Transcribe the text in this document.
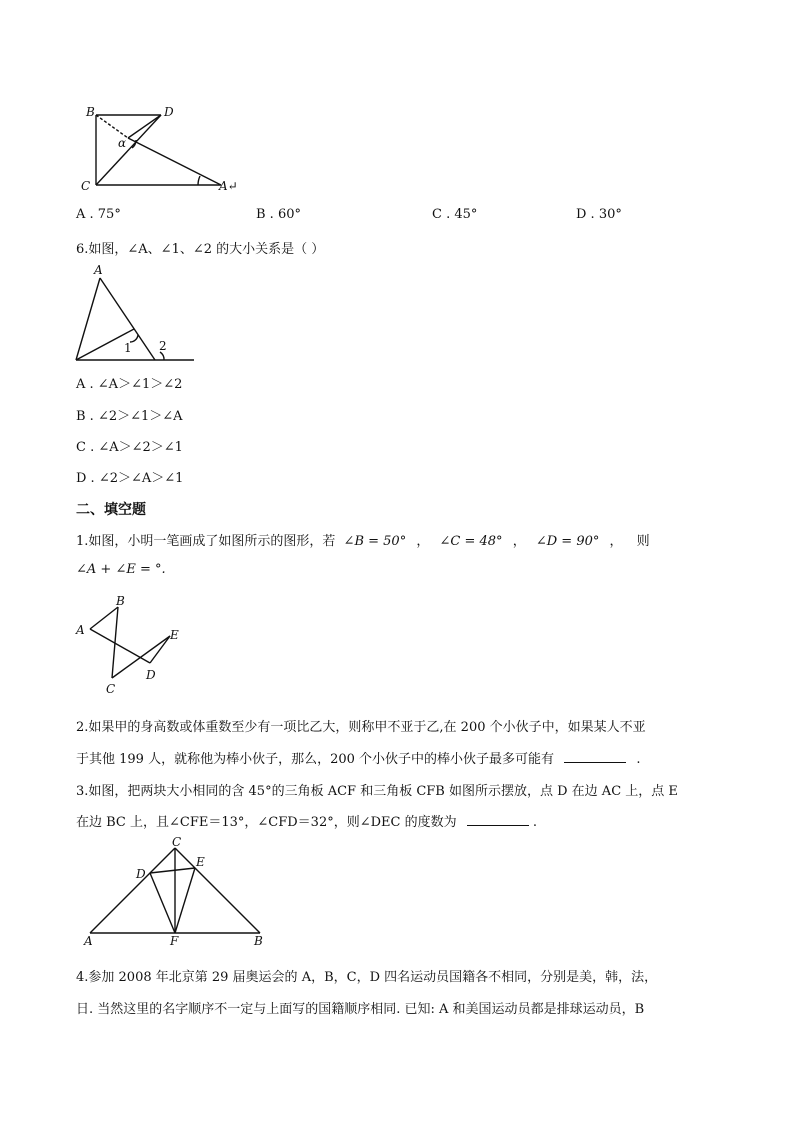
B	D
α
C	A↵
A . 75°	B . 60°	C . 45°	D . 30°
6.如图，∠A、∠1、∠2 的大小关系是（ ）
A
1 2
A . ∠A＞∠1＞∠2
B . ∠2＞∠1＞∠A
C . ∠A＞∠2＞∠1
D . ∠2＞∠A＞∠1
二、填空题
1.如图，小明一笔画成了如图所示的图形，若 ∠B = 50° ， ∠C = 48° ， ∠D = 90° ， 则
∠A + ∠E = °.
B
A	E
D
C
2.如果甲的身高数或体重数至少有一项比乙大，则称甲不亚于乙,在 200 个小伙子中，如果某人不亚
于其他 199 人，就称他为棒小伙子，那么，200 个小伙子中的棒小伙子最多可能有	.
3.如图，把两块大小相同的含 45°的三角板 ACF 和三角板 CFB 如图所示摆放，点 D 在边 AC 上，点 E
在边 BC 上，且∠CFE＝13°，∠CFD＝32°，则∠DEC 的度数为	.
C
D
E
A	F	B
4.参加 2008 年北京第 29 届奥运会的 A，B，C，D 四名运动员国籍各不相同，分别是美，韩，法，
日. 当然这里的名字顺序不一定与上面写的国籍顺序相同. 已知: A 和美国运动员都是排球运动员，B
